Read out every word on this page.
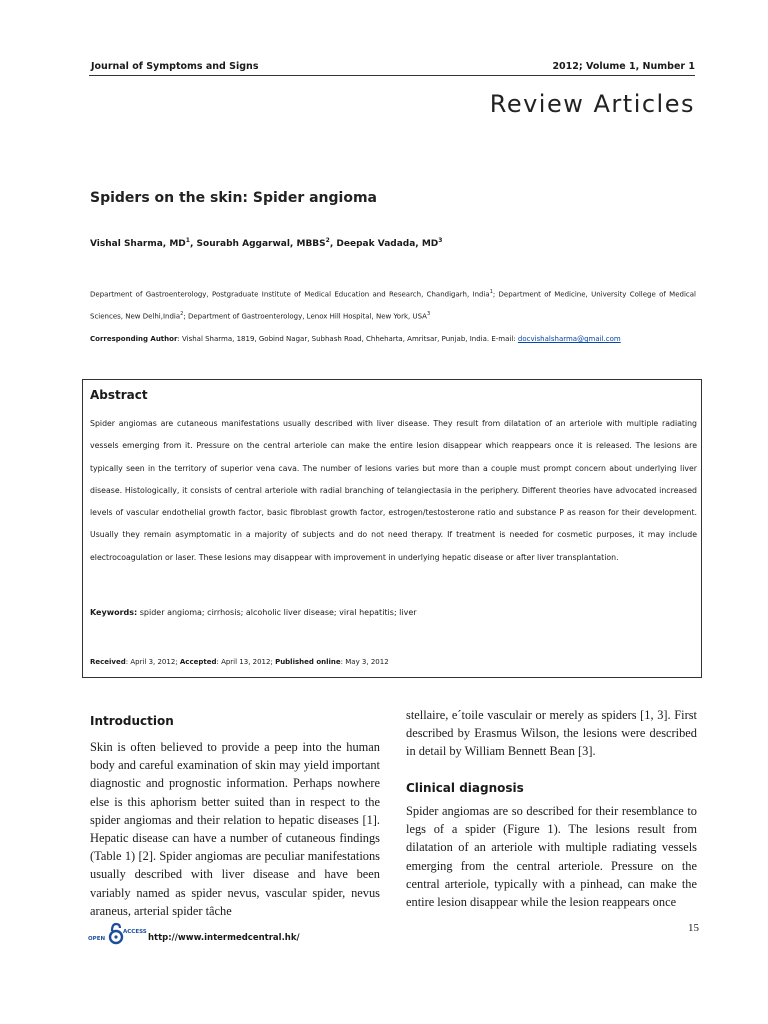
Journal of Symptoms and Signs	2012; Volume 1, Number 1
Review Articles
Spiders on the skin: Spider angioma
Vishal Sharma, $MD^1$, Sourabh Aggarwal, MBBS$^2$, Deepak Vadada, $MD^3$
Department of Gastroenterology, Postgraduate Institute of Medical Education and Research, Chandigarh, India$^1$; Department of Medicine, University College of Medical Sciences, New Delhi,India$^2$; Department of Gastroenterology, Lenox Hill Hospital, New York, USA$^3$
Corresponding Author: Vishal Sharma, 1819, Gobind Nagar, Subhash Road, Chheharta, Amritsar, Punjab, India. E-mail: docvishalsharma@gmail.com
Abstract
Spider angiomas are cutaneous manifestations usually described with liver disease. They result from dilatation of an arteriole with multiple radiating vessels emerging from it. Pressure on the central arteriole can make the entire lesion disappear which reappears once it is released. The lesions are typically seen in the territory of superior vena cava. The number of lesions varies but more than a couple must prompt concern about underlying liver disease. Histologically, it consists of central arteriole with radial branching of telangiectasia in the periphery. Different theories have advocated increased levels of vascular endothelial growth factor, basic fibroblast growth factor, estrogen/testosterone ratio and substance P as reason for their development. Usually they remain asymptomatic in a majority of subjects and do not need therapy. If treatment is needed for cosmetic purposes, it may include electrocoagulation or laser. These lesions may disappear with improvement in underlying hepatic disease or after liver transplantation.
Keywords: spider angioma; cirrhosis; alcoholic liver disease; viral hepatitis; liver
Received: April 3, 2012; Accepted: April 13, 2012; Published online: May 3, 2012
Introduction
Skin is often believed to provide a peep into the human body and careful examination of skin may yield important diagnostic and prognostic information. Perhaps nowhere else is this aphorism better suited than in respect to the spider angiomas and their relation to hepatic diseases [1]. Hepatic disease can have a number of cutaneous findings (Table 1) [2]. Spider angiomas are peculiar manifestations usually described with liver disease and have been variably named as spider nevus, vascular spider, nevus araneus, arterial spider tâche
stellaire, e´toile vasculair or merely as spiders [1, 3]. First described by Erasmus Wilson, the lesions were described in detail by William Bennett Bean [3].
Clinical diagnosis
Spider angiomas are so described for their resemblance to legs of a spider (Figure 1). The lesions result from dilatation of an arteriole with multiple radiating vessels emerging from the central arteriole. Pressure on the central arteriole, typically with a pinhead, can make the entire lesion disappear while the lesion reappears once
15
OPEN
ACCESS
http://www.intermedcentral.hk/
